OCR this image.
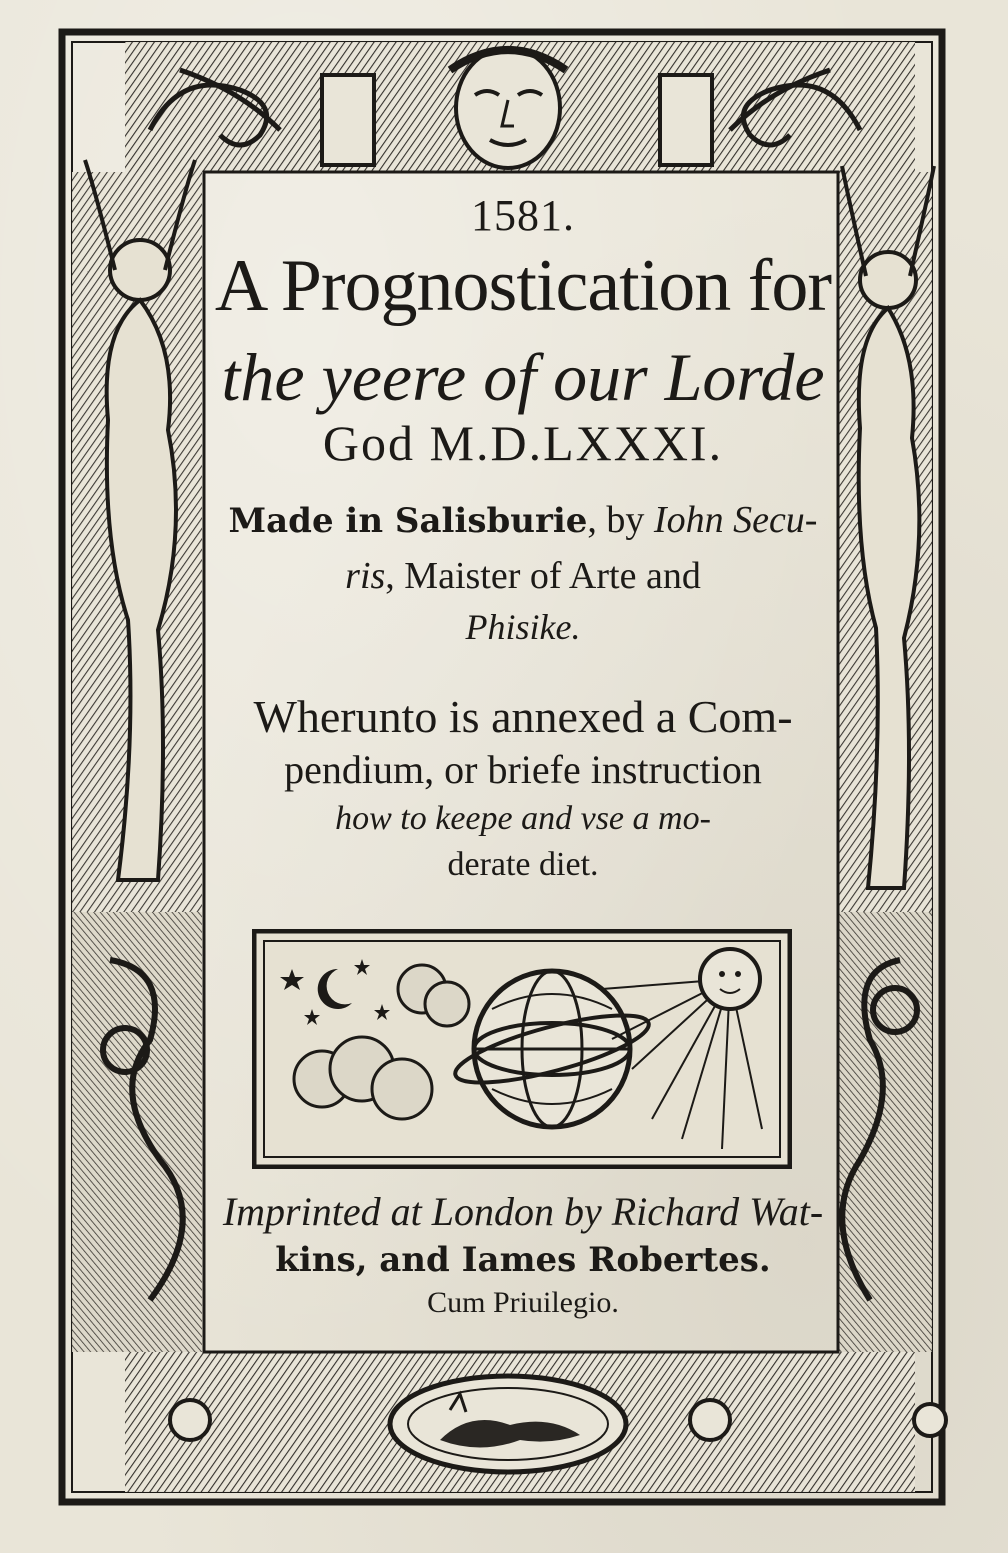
1581.
A Prognostication for
the yeere of our Lorde
God M.D.LXXXI.
Made in Salisburie, by Iohn Secu-
ris, Maister of Arte and
Phisike.
Wherunto is annexed a Com-
pendium, or briefe instruction
how to keepe and vse a mo-
derate diet.
Imprinted at London by Richard Wat-
kins, and Iames Robertes.
Cum Priuilegio.
